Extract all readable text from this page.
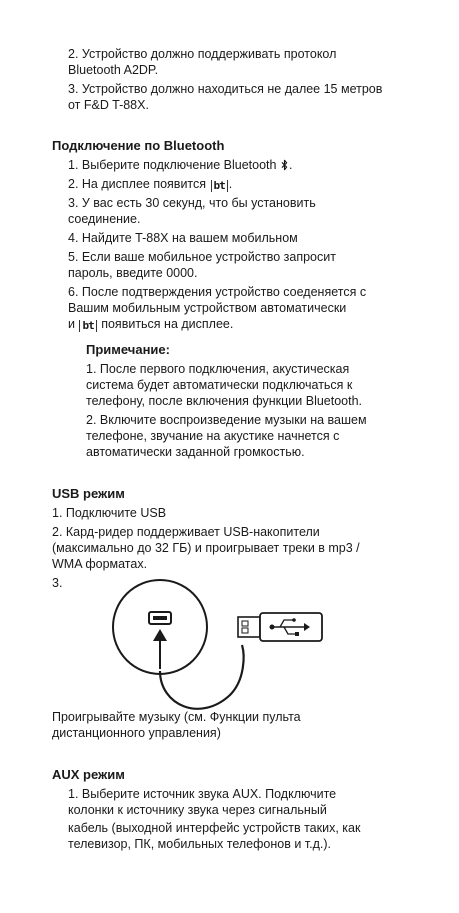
2. Устройство должно поддерживать протокол
Bluetooth A2DP.
3. Устройство должно находиться не далее 15 метров
от F&D T-88X.
Подключение по Bluetooth
1. Выберите подключение Bluetooth .
2. На дисплее появится bt .
3. У вас есть 30 секунд, что бы установить
соединение.
4. Найдите T-88X на вашем мобильном
5. Если ваше мобильное устройство запросит
пароль, введите 0000.
6. После подтверждения устройство соеденяется с
Вашим мобильным устройством автоматически
и bt появиться на дисплее.
Примечание:
1. После первого подключения, акустическая
система будет автоматически подключаться к
телефону, после включения функции Bluetooth.
2. Включите воспроизведение музыки на вашем
телефоне, звучание на акустике начнется с
автоматически заданной громкостью.
USB режим
1. Подключите USB
2. Кард-ридер поддерживает USB-накопители
(максимально до 32 ГБ) и проигрывает треки в mp3 /
WMA форматах.
3.
Проигрывайте музыку (см. Функции пульта
дистанционного управления)
AUX режим
1. Выберите источник звука AUX. Подключите
колонки к источнику звука через сигнальный
кабель (выходной интерфейс устройств таких, как
телевизор, ПК, мобильных телефонов и т.д.).
